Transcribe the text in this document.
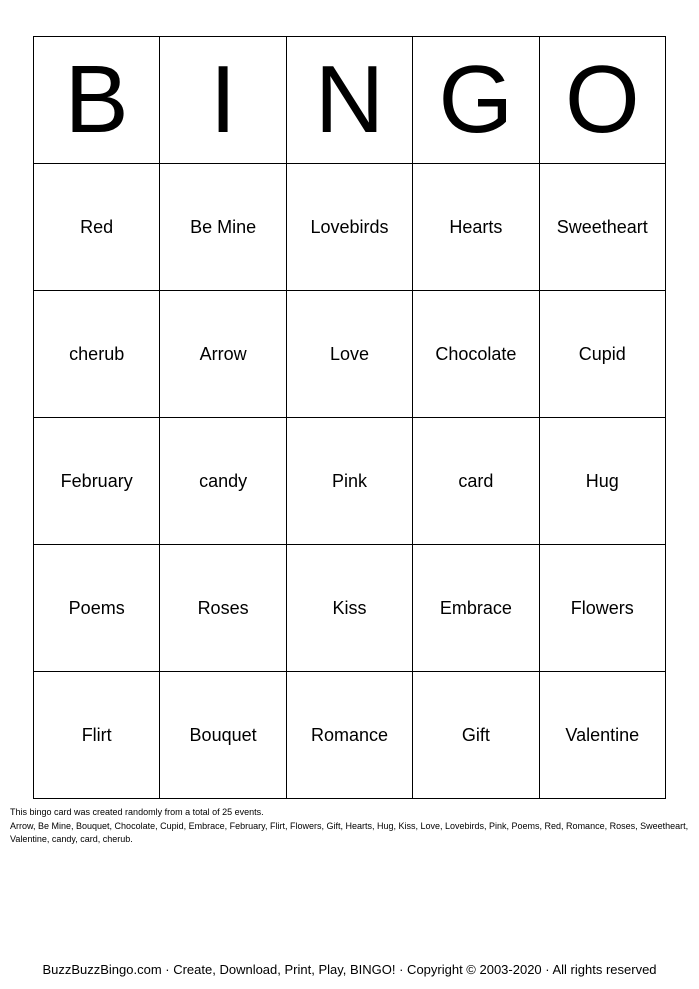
B	I	N	G	O
Red	Be Mine	Lovebirds	Hearts	Sweetheart
cherub	Arrow	Love	Chocolate	Cupid
February	candy	Pink	card	Hug
Poems	Roses	Kiss	Embrace	Flowers
Flirt	Bouquet	Romance	Gift	Valentine
This bingo card was created randomly from a total of 25 events.
Arrow, Be Mine, Bouquet, Chocolate, Cupid, Embrace, February, Flirt, Flowers, Gift, Hearts, Hug, Kiss, Love, Lovebirds, Pink, Poems, Red, Romance, Roses, Sweetheart, Valentine, candy, card, cherub.
BuzzBuzzBingo.com · Create, Download, Print, Play, BINGO! · Copyright © 2003-2020 · All rights reserved
